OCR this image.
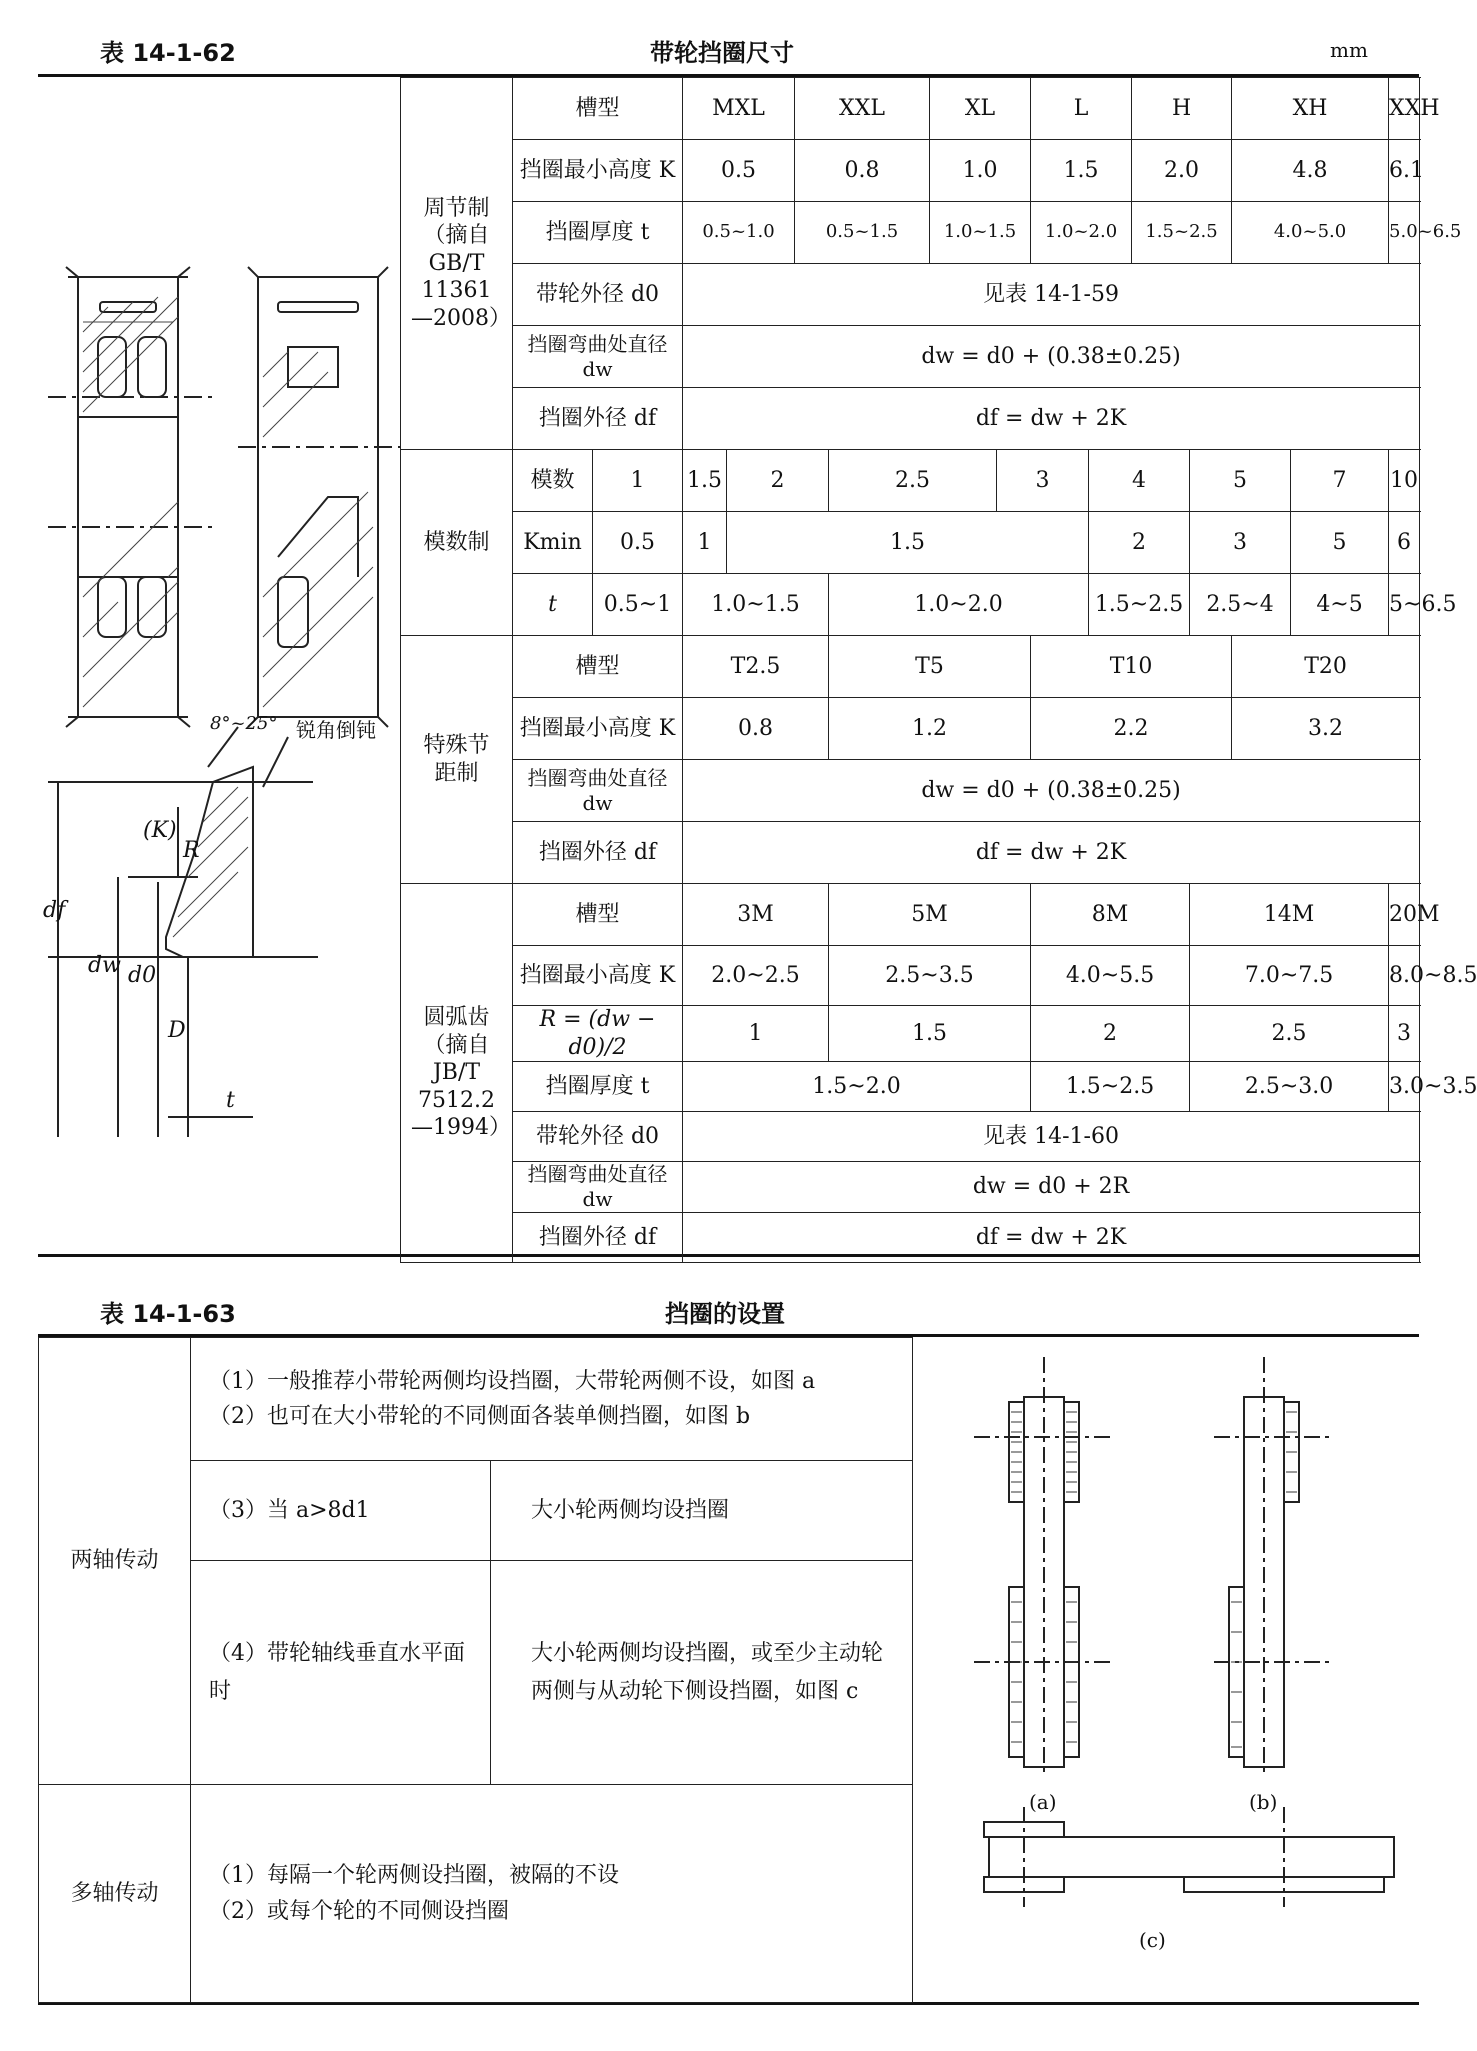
表 14-1-62	带轮挡圈尺寸	mm
8°~25° 锐角倒钝
df
dw d0
D
(K)
R
t
周节制（摘自GB/T 11361—2008）	槽型		MXL		XXL		XL		L		H		XH		XXH
	挡圈最小高度 K		0.5		0.8		1.0		1.5		2.0		4.8		6.1
	挡圈厚度 t		0.5~1.0		0.5~1.5		1.0~1.5		1.0~2.0		1.5~2.5		4.0~5.0		5.0~6.5
	带轮外径 d0		见表 14-1-59												
	挡圈弯曲处直径 dw		dw = d0 + (0.38±0.25)												
	挡圈外径 df		df = dw + 2K												
模数制	模数	1	1.5	2		2.5		3		4		5		7	10
	Kmin	0.5	1	1.5						2		3		5	6
	t	0.5~1	1.0~1.5			1.0~2.0				1.5~2.5		2.5~4		4~5	5~6.5
特殊节距制	槽型		T2.5			T5			T10				T20		
	挡圈最小高度 K		0.8			1.2			2.2				3.2		
	挡圈弯曲处直径 dw		dw = d0 + (0.38±0.25)												
	挡圈外径 df		df = dw + 2K												
圆弧齿（摘自JB/T 7512.2—1994）	槽型		3M			5M			8M			14M			20M
	挡圈最小高度 K		2.0~2.5			2.5~3.5			4.0~5.5			7.0~7.5			8.0~8.5
	R = (dw − d0)/2		1			1.5			2			2.5			3
	挡圈厚度 t		1.5~2.0						1.5~2.5			2.5~3.0			3.0~3.5
	带轮外径 d0		见表 14-1-60												
	挡圈弯曲处直径 dw		dw = d0 + 2R												
	挡圈外径 df		df = dw + 2K												
表 14-1-63	挡圈的设置
两轴传动	（1）一般推荐小带轮两侧均设挡圈，大带轮两侧不设，如图 a
（2）也可在大小带轮的不同侧面各装单侧挡圈，如图 b	

	（3）当 a>8d1	大小轮两侧均设挡圈
	（4）带轮轴线垂直水平面时	大小轮两侧均设挡圈，或至少主动轮两侧与从动轮下侧设挡圈，如图 c
多轴传动	（1）每隔一个轮两侧设挡圈，被隔的不设
（2）或每个轮的不同侧设挡圈	
(a)	(b)
(c)
